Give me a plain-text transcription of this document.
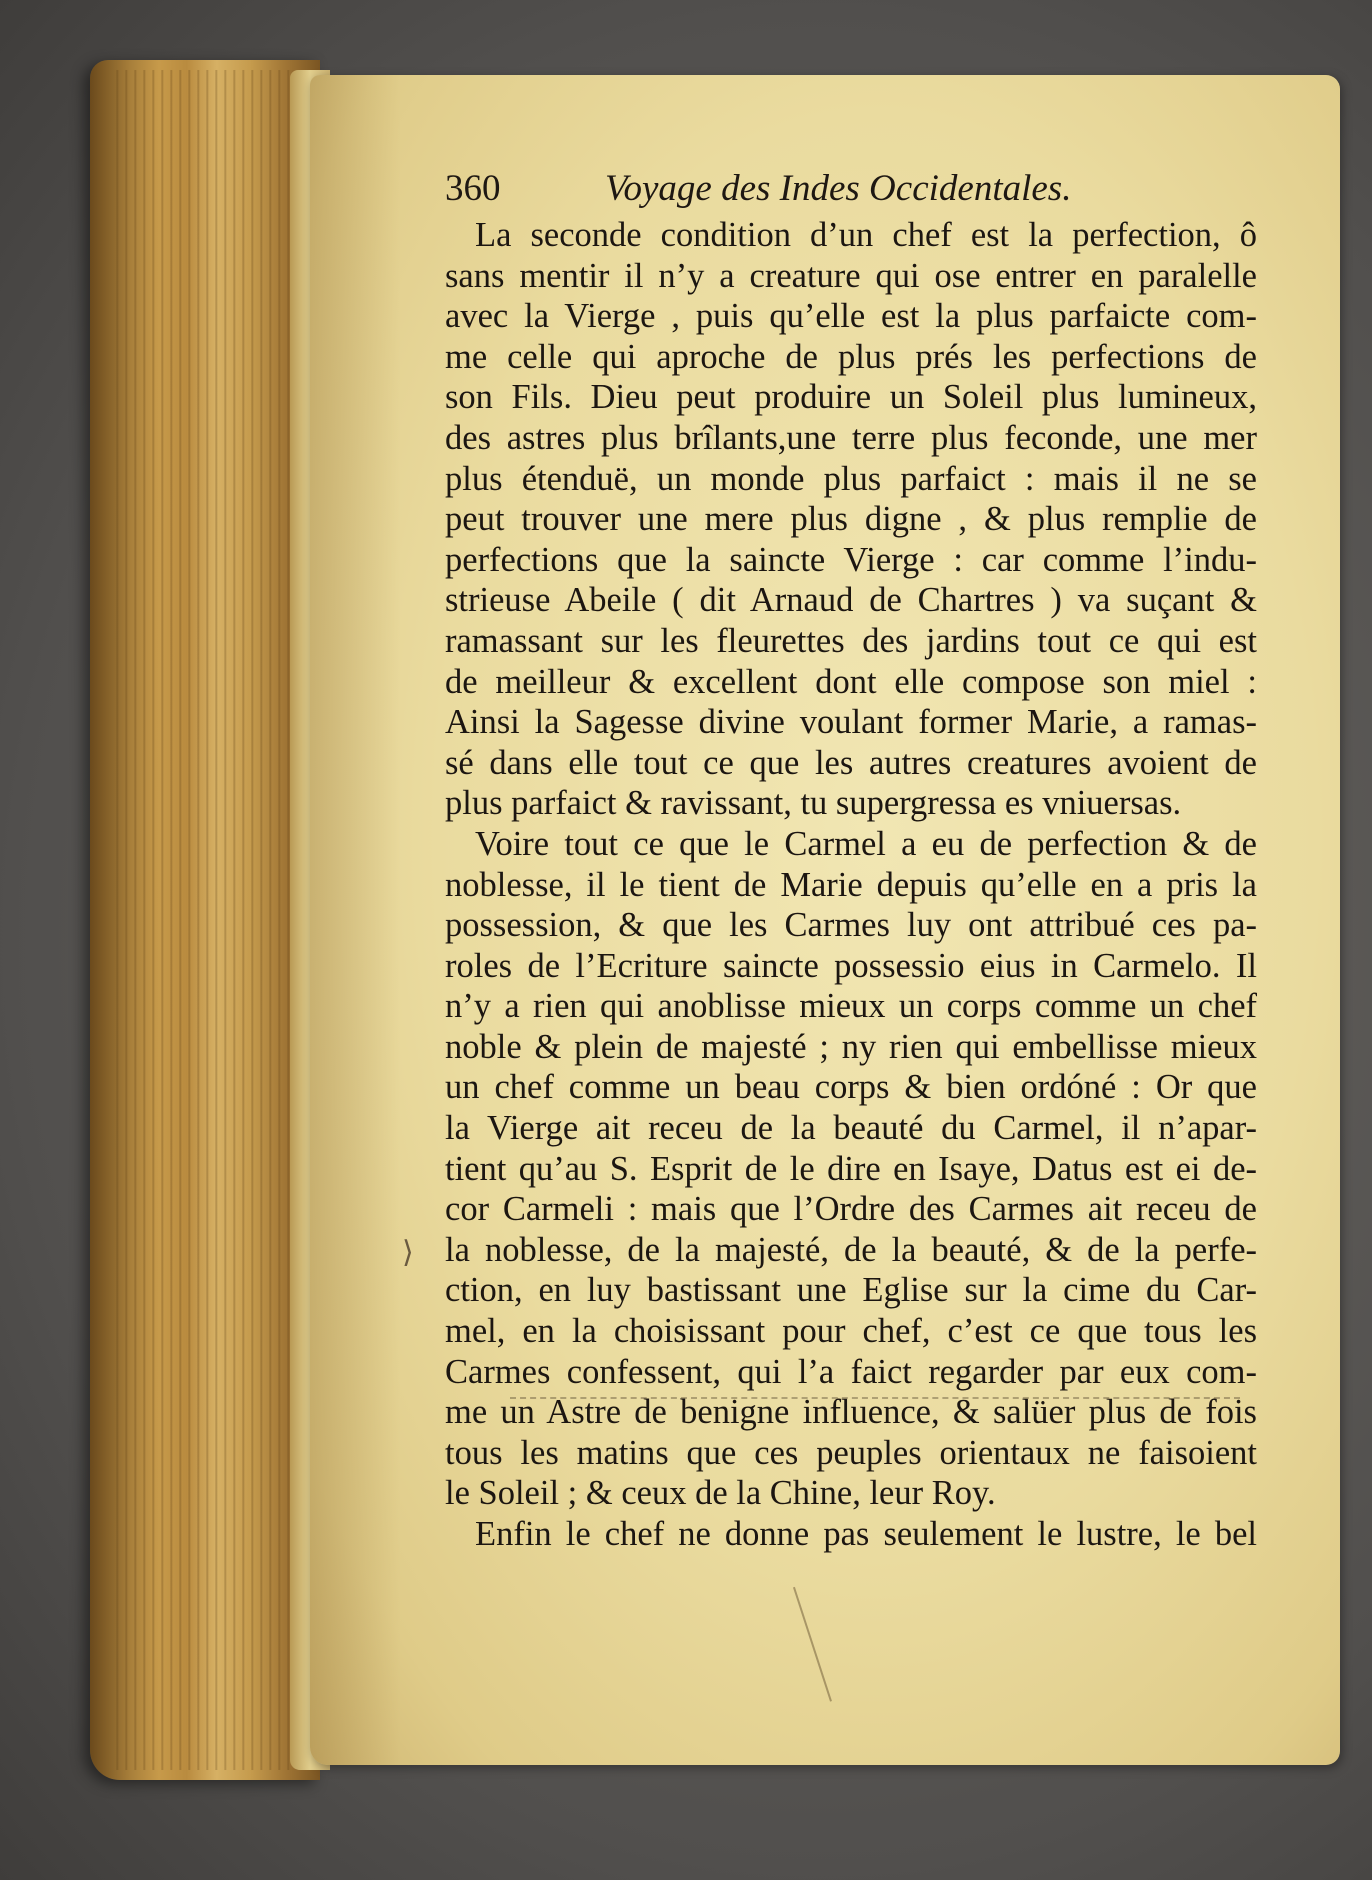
360	Voyage des Indes Occidentales.

La seconde condition d’un chef est la perfection, ô
sans mentir il n’y a creature qui ose entrer en paralelle
avec la Vierge , puis qu’elle est la plus parfaicte com-
me celle qui aproche de plus prés les perfections de
son Fils. Dieu peut produire un Soleil plus lumineux,
des astres plus brîlants,une terre plus feconde, une mer
plus étenduë, un monde plus parfaict : mais il ne se
peut trouver une mere plus digne , & plus remplie de
perfections que la saincte Vierge : car comme l’indu-
strieuse Abeile ( dit Arnaud de Chartres ) va suçant &
ramassant sur les fleurettes des jardins tout ce qui est
de meilleur & excellent dont elle compose son miel :
Ainsi la Sagesse divine voulant former Marie, a ramas-
sé dans elle tout ce que les autres creatures avoient de
plus parfaict & ravissant, tu supergressa es vniuersas.

Voire tout ce que le Carmel a eu de perfection & de
noblesse, il le tient de Marie depuis qu’elle en a pris la
possession, & que les Carmes luy ont attribué ces pa-
roles de l’Ecriture saincte possessio eius in Carmelo. Il
n’y a rien qui anoblisse mieux un corps comme un chef
noble & plein de majesté ; ny rien qui embellisse mieux
un chef comme un beau corps & bien ordóné : Or que
la Vierge ait receu de la beauté du Carmel, il n’apar-
tient qu’au S. Esprit de le dire en Isaye, Datus est ei de-
cor Carmeli : mais que l’Ordre des Carmes ait receu de
la noblesse, de la majesté, de la beauté, & de la perfe-
ction, en luy bastissant une Eglise sur la cime du Car-
mel, en la choisissant pour chef, c’est ce que tous les
Carmes confessent, qui l’a faict regarder par eux com-
me un Astre de benigne influence, & salüer plus de fois
tous les matins que ces peuples orientaux ne faisoient
le Soleil ; & ceux de la Chine, leur Roy.

Enfin le chef ne donne pas seulement le lustre, le bel

⟩
